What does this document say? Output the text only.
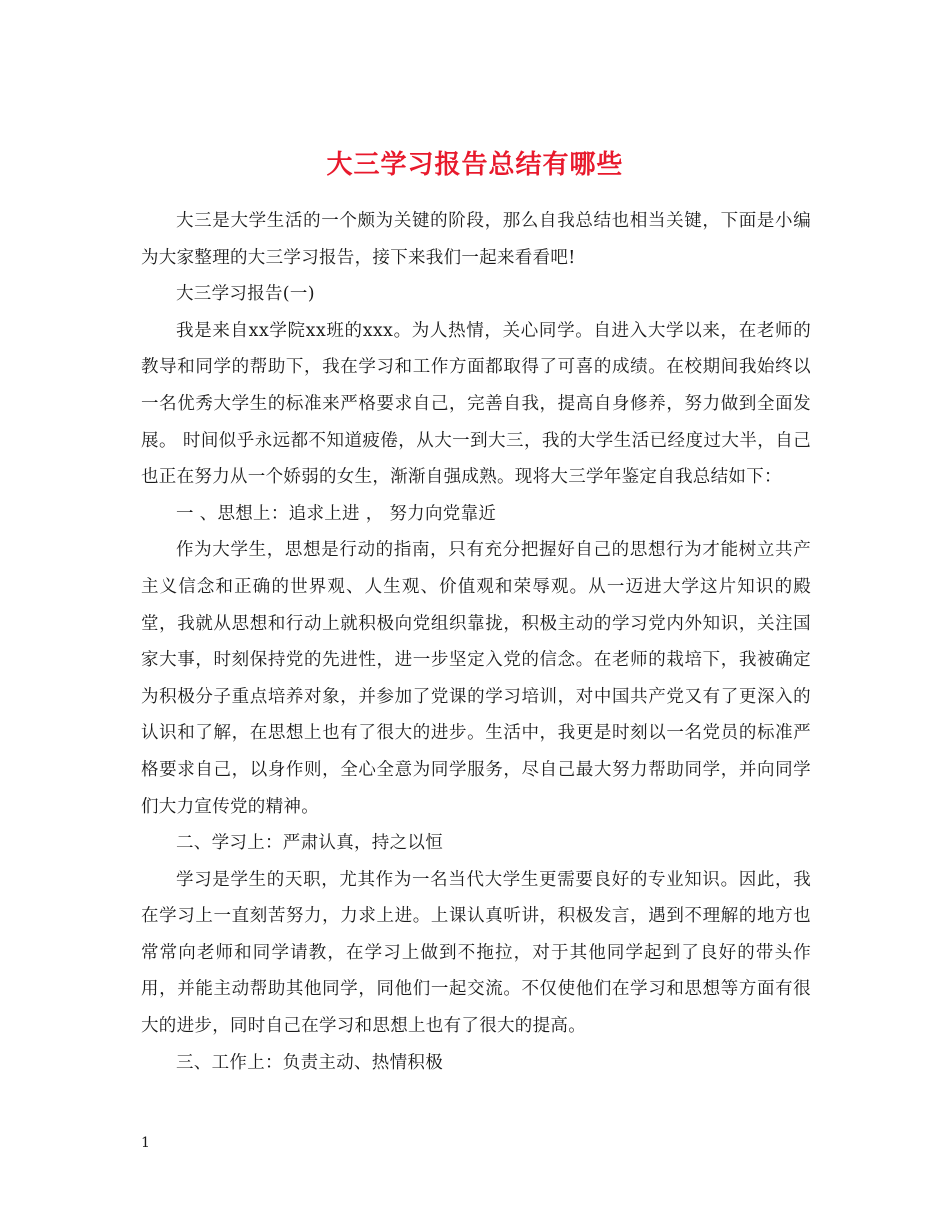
大三学习报告总结有哪些

大三是大学生活的一个颇为关键的阶段，那么自我总结也相当关键，下面是小编为大家整理的大三学习报告，接下来我们一起来看看吧!

大三学习报告(一)

我是来自xx学院xx班的xxx。为人热情，关心同学。自进入大学以来，在老师的教导和同学的帮助下，我在学习和工作方面都取得了可喜的成绩。在校期间我始终以一名优秀大学生的标准来严格要求自己，完善自我，提高自身修养，努力做到全面发展。 时间似乎永远都不知道疲倦，从大一到大三，我的大学生活已经度过大半，自己也正在努力从一个娇弱的女生，渐渐自强成熟。现将大三学年鉴定自我总结如下：

一 、思想上：追求上进 ， 努力向党靠近

作为大学生，思想是行动的指南，只有充分把握好自己的思想行为才能树立共产主义信念和正确的世界观、人生观、价值观和荣辱观。从一迈进大学这片知识的殿堂，我就从思想和行动上就积极向党组织靠拢，积极主动的学习党内外知识，关注国家大事，时刻保持党的先进性，进一步坚定入党的信念。在老师的栽培下，我被确定为积极分子重点培养对象，并参加了党课的学习培训，对中国共产党又有了更深入的认识和了解，在思想上也有了很大的进步。生活中，我更是时刻以一名党员的标准严格要求自己，以身作则，全心全意为同学服务，尽自己最大努力帮助同学，并向同学们大力宣传党的精神。

二、学习上：严肃认真，持之以恒

学习是学生的天职，尤其作为一名当代大学生更需要良好的专业知识。因此，我在学习上一直刻苦努力，力求上进。上课认真听讲，积极发言，遇到不理解的地方也常常向老师和同学请教，在学习上做到不拖拉，对于其他同学起到了良好的带头作用，并能主动帮助其他同学，同他们一起交流。不仅使他们在学习和思想等方面有很大的进步，同时自己在学习和思想上也有了很大的提高。

三、工作上：负责主动、热情积极

1
